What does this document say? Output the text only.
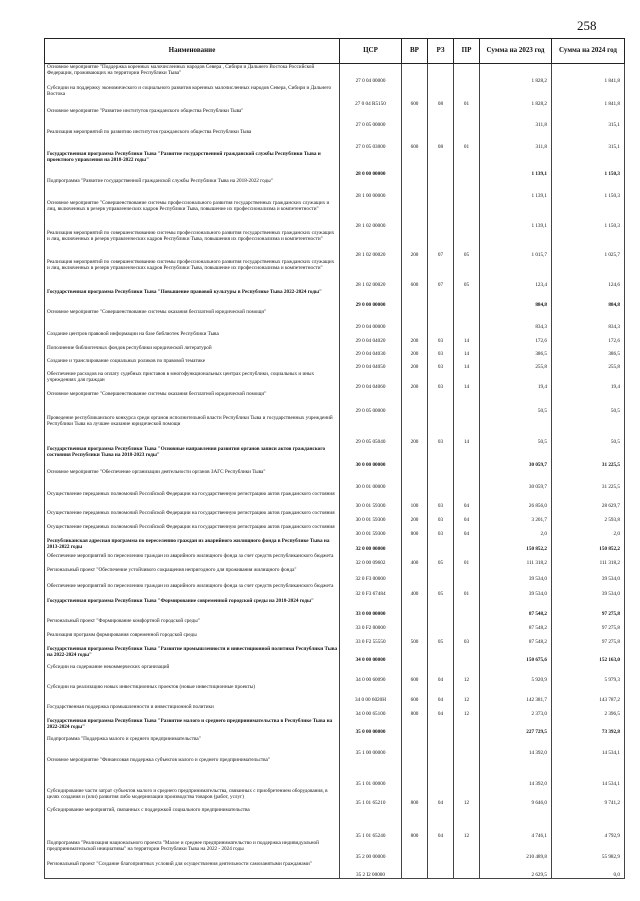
258
Наименование	ЦСР	ВР	РЗ	ПР	Сумма на 2023 год	Сумма на 2024 год
Основное мероприятие "Поддержка коренных малочисленных народов Севера , Сибири и Дальнего Востока Российской Федерации, проживающих на территории Республики Тыва"	27 0 04 00000				1 828,2	1 841,8
Субсидии на поддержку экономического и социального развития коренных малочисленных народов Севера, Сибири и Дальнего Востока	27 0 04 R5150	600	08	01	1 828,2	1 841,8
Основное мероприятие "Развитие институтов гражданского общества Республики Тыва"	27 0 05 00000				311,8	315,1
Реализация мероприятий по развитию институтов гражданского общества Республики Тыва	27 0 05 03000	600	08	01	311,8	315,1
Государственная программа Республики Тыва "Развитие государственной гражданской службы Республики Тыва и проектного управления на 2018-2022 годы"	28 0 00 00000				1 139,1	1 150,3
Подпрограмма "Развитие государственной гражданской службы Республики Тыва на 2018-2022 годы"	28 1 00 00000				1 139,1	1 150,3
Основное мероприятие "Совершенствование системы профессионального развития государственных гражданских служащих и лиц, включенных в резерв управленческих кадров Республики Тыва, повышение их профессионализма и компетентности"	28 1 02 00000				1 139,1	1 150,3
Реализация мероприятий по совершенствованию системы профессионального развития государственных гражданских служащих и лиц, включенных в резерв управленческих кадров Республики Тыва, повышения их профессионализма и компетентности"	28 1 02 00020	200	07	05	1 015,7	1 025,7
Реализация мероприятий по совершенствованию системы профессионального развития государственных гражданских служащих и лиц, включенных в резерв управленческих кадров Республики Тыва, повышение их профессионализма и компетентности"	28 1 02 00020	600	07	05	123,4	124,6
Государственная программа Республики Тыва "Повышение правовой культуры в Республике Тыва 2022-2024 годы"	29 0 00 00000				884,8	884,8
Основное мероприятие "Совершенствование системы оказания бесплатной юридической помощи"	29 0 04 00000				834,3	834,3
Создание центров правовой информации на базе библиотек Республики Тыва	29 0 04 04020	200	03	14	172,6	172,6
Пополнение библиотечных фондов республики юридической литературой	29 0 04 04030	200	03	14	386,5	386,5
Создание и транслирование социальных роликов по правовой тематике	29 0 04 04050	200	03	14	255,8	255,8
Обеспечение расходов на оплату судебных приставов в многофункциональных центрах республики, социальных и иных учреждениях для граждан	29 0 04 04060	200	03	14	19,4	19,4
Основное мероприятие "Совершенствование системы оказания бесплатной юридической помощи"	29 0 05 00000				50,5	50,5
Проведение республиканского конкурса среди органов исполнительной власти Республики Тыва и государственных учреждений Республики Тыва на лучшее оказание юридической помощи	29 0 05 05040	200	03	14	50,5	50,5
Государственная программа Республики Тыва "Основные направления развития органов записи актов гражданского состояния Республики Тыва на 2018-2023 годы"	30 0 00 00000				30 059,7	31 225,5
Основное мероприятие "Обеспечение организации деятельности органов ЗАГС Республики Тыва"	30 0 01 00000				30 059,7	31 225,5
Осуществление переданных полномочий Российской Федерации на государственную регистрацию актов гражданского состояния	30 0 01 59300	100	03	04	26 856,0	28 629,7
Осуществление переданных полномочий Российской Федерации на государственную регистрацию актов гражданского состояния	30 0 01 59300	200	03	04	3 201,7	2 593,8
Осуществление переданных полномочий Российской Федерации на государственную регистрацию актов гражданского состояния	30 0 01 59300	800	03	04	2,0	2,0
Республиканская адресная программа по переселению граждан из аварийного жилищного фонда в Республике Тыва на 2013-2022 годы	32 0 00 00000				150 852,2	150 852,2
Обеспечение мероприятий по переселению граждан из аварийного жилищного фонда за счет средств республиканского бюджета	32 0 00 09602	400	05	01	111 318,2	111 318,2
Региональный проект "Обеспечение устойчивого сокращения непригодного для проживания жилищного фонда"	32 0 F3 00000				39 534,0	39 534,0
Обеспечение мероприятий по переселению граждан из аварийного жилищного фонда за счет средств республиканского бюджета	32 0 F3 67484	400	05	01	39 534,0	39 534,0
Государственная программа Республики Тыва "Формирование современной городской среды на 2018-2024 годы"	33 0 00 00000				87 548,2	97 275,8
Региональный проект "Формирование комфортной городской среды"	33 0 F2 00000				87 548,2	97 275,8
Реализация программ формирования современной городской среды	33 0 F2 55550	500	05	03	87 548,2	97 275,8
Государственная программа Республики Тыва "Развитие промышленности и инвестиционной политики Республики Тыва на 2022-2024 годы"	34 0 00 00000				150 675,6	152 163,0
Субсидии на содержание некоммерческих организаций	34 0 00 60090	600	04	12	5 920,9	5 979,3
Субсидии на реализацию новых инвестиционных проектов (новые инвестиционные проекты)	34 0 00 6020Н	600	04	12	142 381,7	143 787,2
Государственная поддержка промышленности и инвестиционной политики	34 0 00 65100	800	04	12	2 373,0	2 396,5
Государственная программа Республики Тыва "Развитие малого и среднего предпринимательства в Республике Тыва на 2022-2024 годы"	35 0 00 00000				227 729,5	73 392,8
Подпрограмма "Поддержка малого и среднего предпринимательства"	35 1 00 00000				14 392,0	14 534,1
Основное мероприятие "Финансовая поддержка субъектов малого и среднего предпринимательства"	35 1 01 00000				14 392,0	14 534,1
Субсидирование части затрат субъектов малого и среднего предпринимательства, связанных с приобретением оборудования, в целях создания и (или) развития либо модернизации производства товаров (работ, услуг)	35 1 01 65210	800	04	12	9 646,0	9 741,2
Субсидирование мероприятий, связанных с поддержкой социального предпринимательства	35 1 01 65240	800	04	12	4 746,1	4 792,9
Подпрограмма "Реализация национального проекта "Малое и среднее предпринимательство и поддержка индивидуальной предпринимательской инициативы" на территории Республики Тыва на 2022 - 2024 годы	35 2 00 00000				210 489,8	55 982,9
Региональный проект "Создание благоприятных условий для осуществления деятельности самозанятыми гражданами"	35 2 I2 00000				2 629,5	0,0
